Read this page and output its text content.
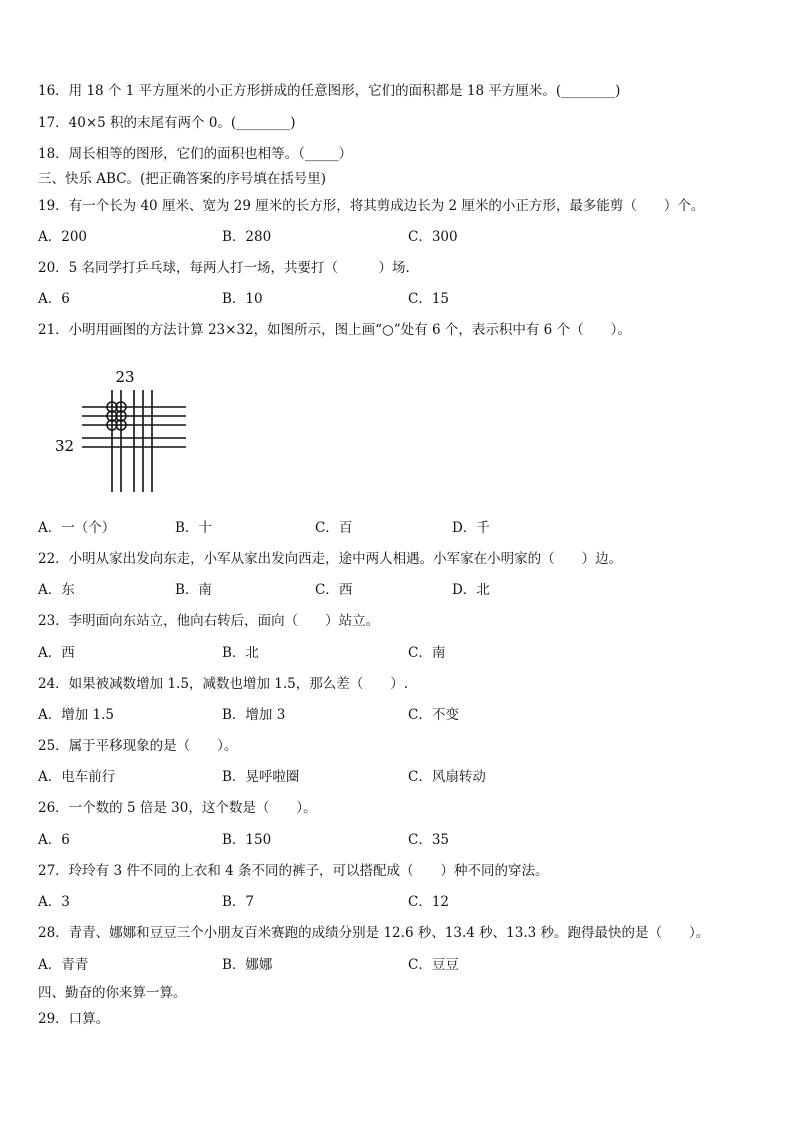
16．用 18 个 1 平方厘米的小正方形拼成的任意图形，它们的面积都是 18 平方厘米。(________)
17．40×5 积的末尾有两个 0。(________)
18．周长相等的图形，它们的面积也相等。（_____）
三、快乐 ABC。(把正确答案的序号填在括号里)
19．有一个长为 40 厘米、宽为 29 厘米的长方形，将其剪成边长为 2 厘米的小正方形，最多能剪（　　）个。
A．200	B．280	C．300
20．5 名同学打乒乓球，每两人打一场，共要打（　　　）场.
A．6	B．10	C．15
21．小明用画图的方法计算 23×32，如图所示，图上画“○”处有 6 个，表示积中有 6 个（　　）。
23
32
A．一（个）	B．十	C．百	D．千
22．小明从家出发向东走，小军从家出发向西走，途中两人相遇。小军家在小明家的（　　）边。
A．东	B．南	C．西	D．北
23．李明面向东站立，他向右转后，面向（　　）站立。
A．西	B．北	C．南
24．如果被减数增加 1.5，减数也增加 1.5，那么差（　　）.
A．增加 1.5	B．增加 3	C．不变
25．属于平移现象的是（　　）。
A．电车前行	B．晃呼啦圈	C．风扇转动
26．一个数的 5 倍是 30，这个数是（　　）。
A．6	B．150	C．35
27．玲玲有 3 件不同的上衣和 4 条不同的裤子，可以搭配成（　　）种不同的穿法。
A．3	B．7	C．12
28．青青、娜娜和豆豆三个小朋友百米赛跑的成绩分别是 12.6 秒、13.4 秒、13.3 秒。跑得最快的是（　　）。
A．青青	B．娜娜	C．豆豆
四、勤奋的你来算一算。
29．口算。
